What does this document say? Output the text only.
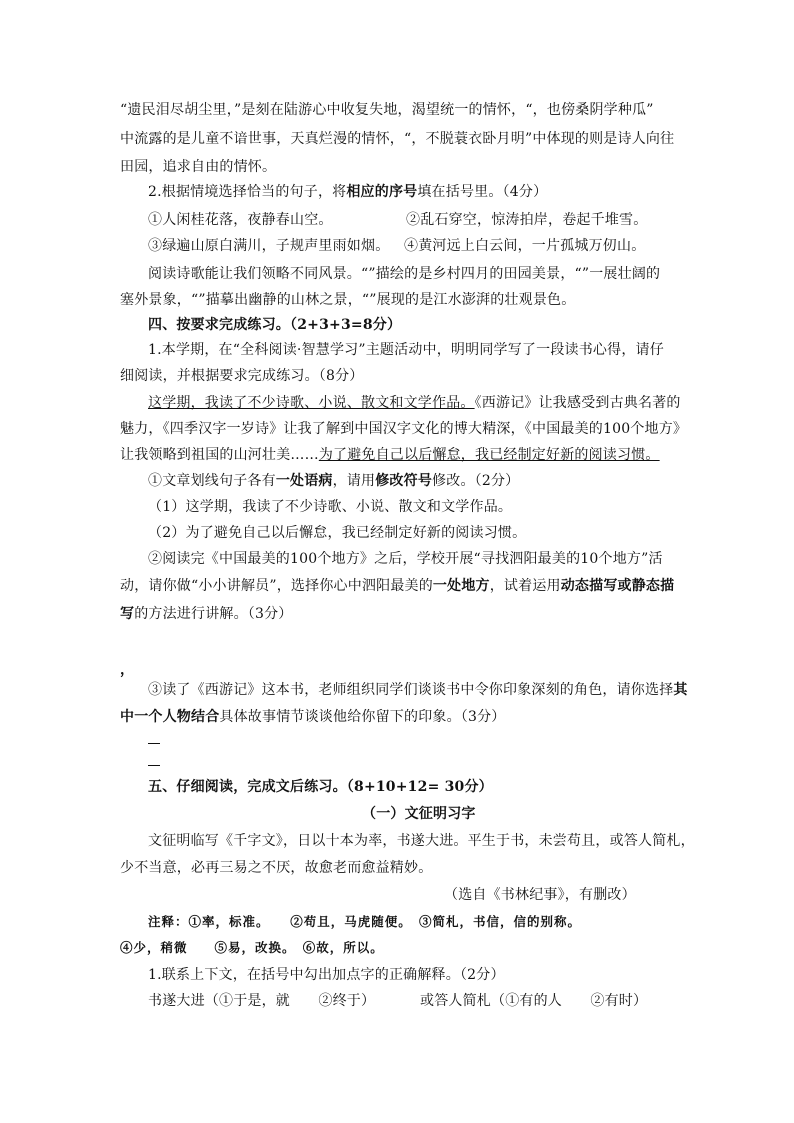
“遗民泪尽胡尘里，”是刻在陆游心中收复失地，渴望统一的情怀，“，也傍桑阴学种瓜”
中流露的是儿童不谙世事，天真烂漫的情怀，“，不脱蓑衣卧月明”中体现的则是诗人向往
田园，追求自由的情怀。
2.根据情境选择恰当的句子，将相应的序号填在括号里。（4分）
①人闲桂花落，夜静春山空。	②乱石穿空，惊涛拍岸，卷起千堆雪。
③绿遍山原白满川，子规声里雨如烟。 ④黄河远上白云间，一片孤城万仞山。
阅读诗歌能让我们领略不同风景。“”描绘的是乡村四月的田园美景，“”一展壮阔的
塞外景象，“”描摹出幽静的山林之景，“”展现的是江水澎湃的壮观景色。
四、按要求完成练习。（2+3+3=8分）
1.本学期，在“全科阅读·智慧学习”主题活动中，明明同学写了一段读书心得，请仔
细阅读，并根据要求完成练习。（8分）
这学期，我读了不少诗歌、小说、散文和文学作品。《西游记》让我感受到古典名著的
魅力，《四季汉字一岁诗》让我了解到中国汉字文化的博大精深，《中国最美的100个地方》
让我领略到祖国的山河壮美……为了避免自己以后懈怠，我已经制定好新的阅读习惯。
①文章划线句子各有一处语病，请用修改符号修改。（2分）
（1）这学期，我读了不少诗歌、小说、散文和文学作品。
（2）为了避免自己以后懈怠，我已经制定好新的阅读习惯。
②阅读完《中国最美的100个地方》之后，学校开展“寻找泗阳最美的10个地方”活
动，请你做“小小讲解员”，选择你心中泗阳最美的一处地方，试着运用动态描写或静态描
写的方法进行讲解。（3分）
，
③读了《西游记》这本书，老师组织同学们谈谈书中令你印象深刻的角色，请你选择其
中一个人物结合具体故事情节谈谈他给你留下的印象。（3分）
五、仔细阅读，完成文后练习。（8+10+12= 30分）
（一）文征明习字
文征明临写《千字文》，日以十本为率，书遂大进。平生于书，未尝苟且，或答人简札，
少不当意，必再三易之不厌，故愈老而愈益精妙。
（选自《书林纪事》，有删改）
注释：①率，标准。　　②苟且，马虎随便。　③简札，书信，信的别称。
④少，稍微　　⑤易，改换。　⑥故，所以。
1.联系上下文，在括号中勾出加点字的正确解释。（2分）
书遂大进（①于是，就　　②终于）	或答人简札（①有的人　　②有时）
